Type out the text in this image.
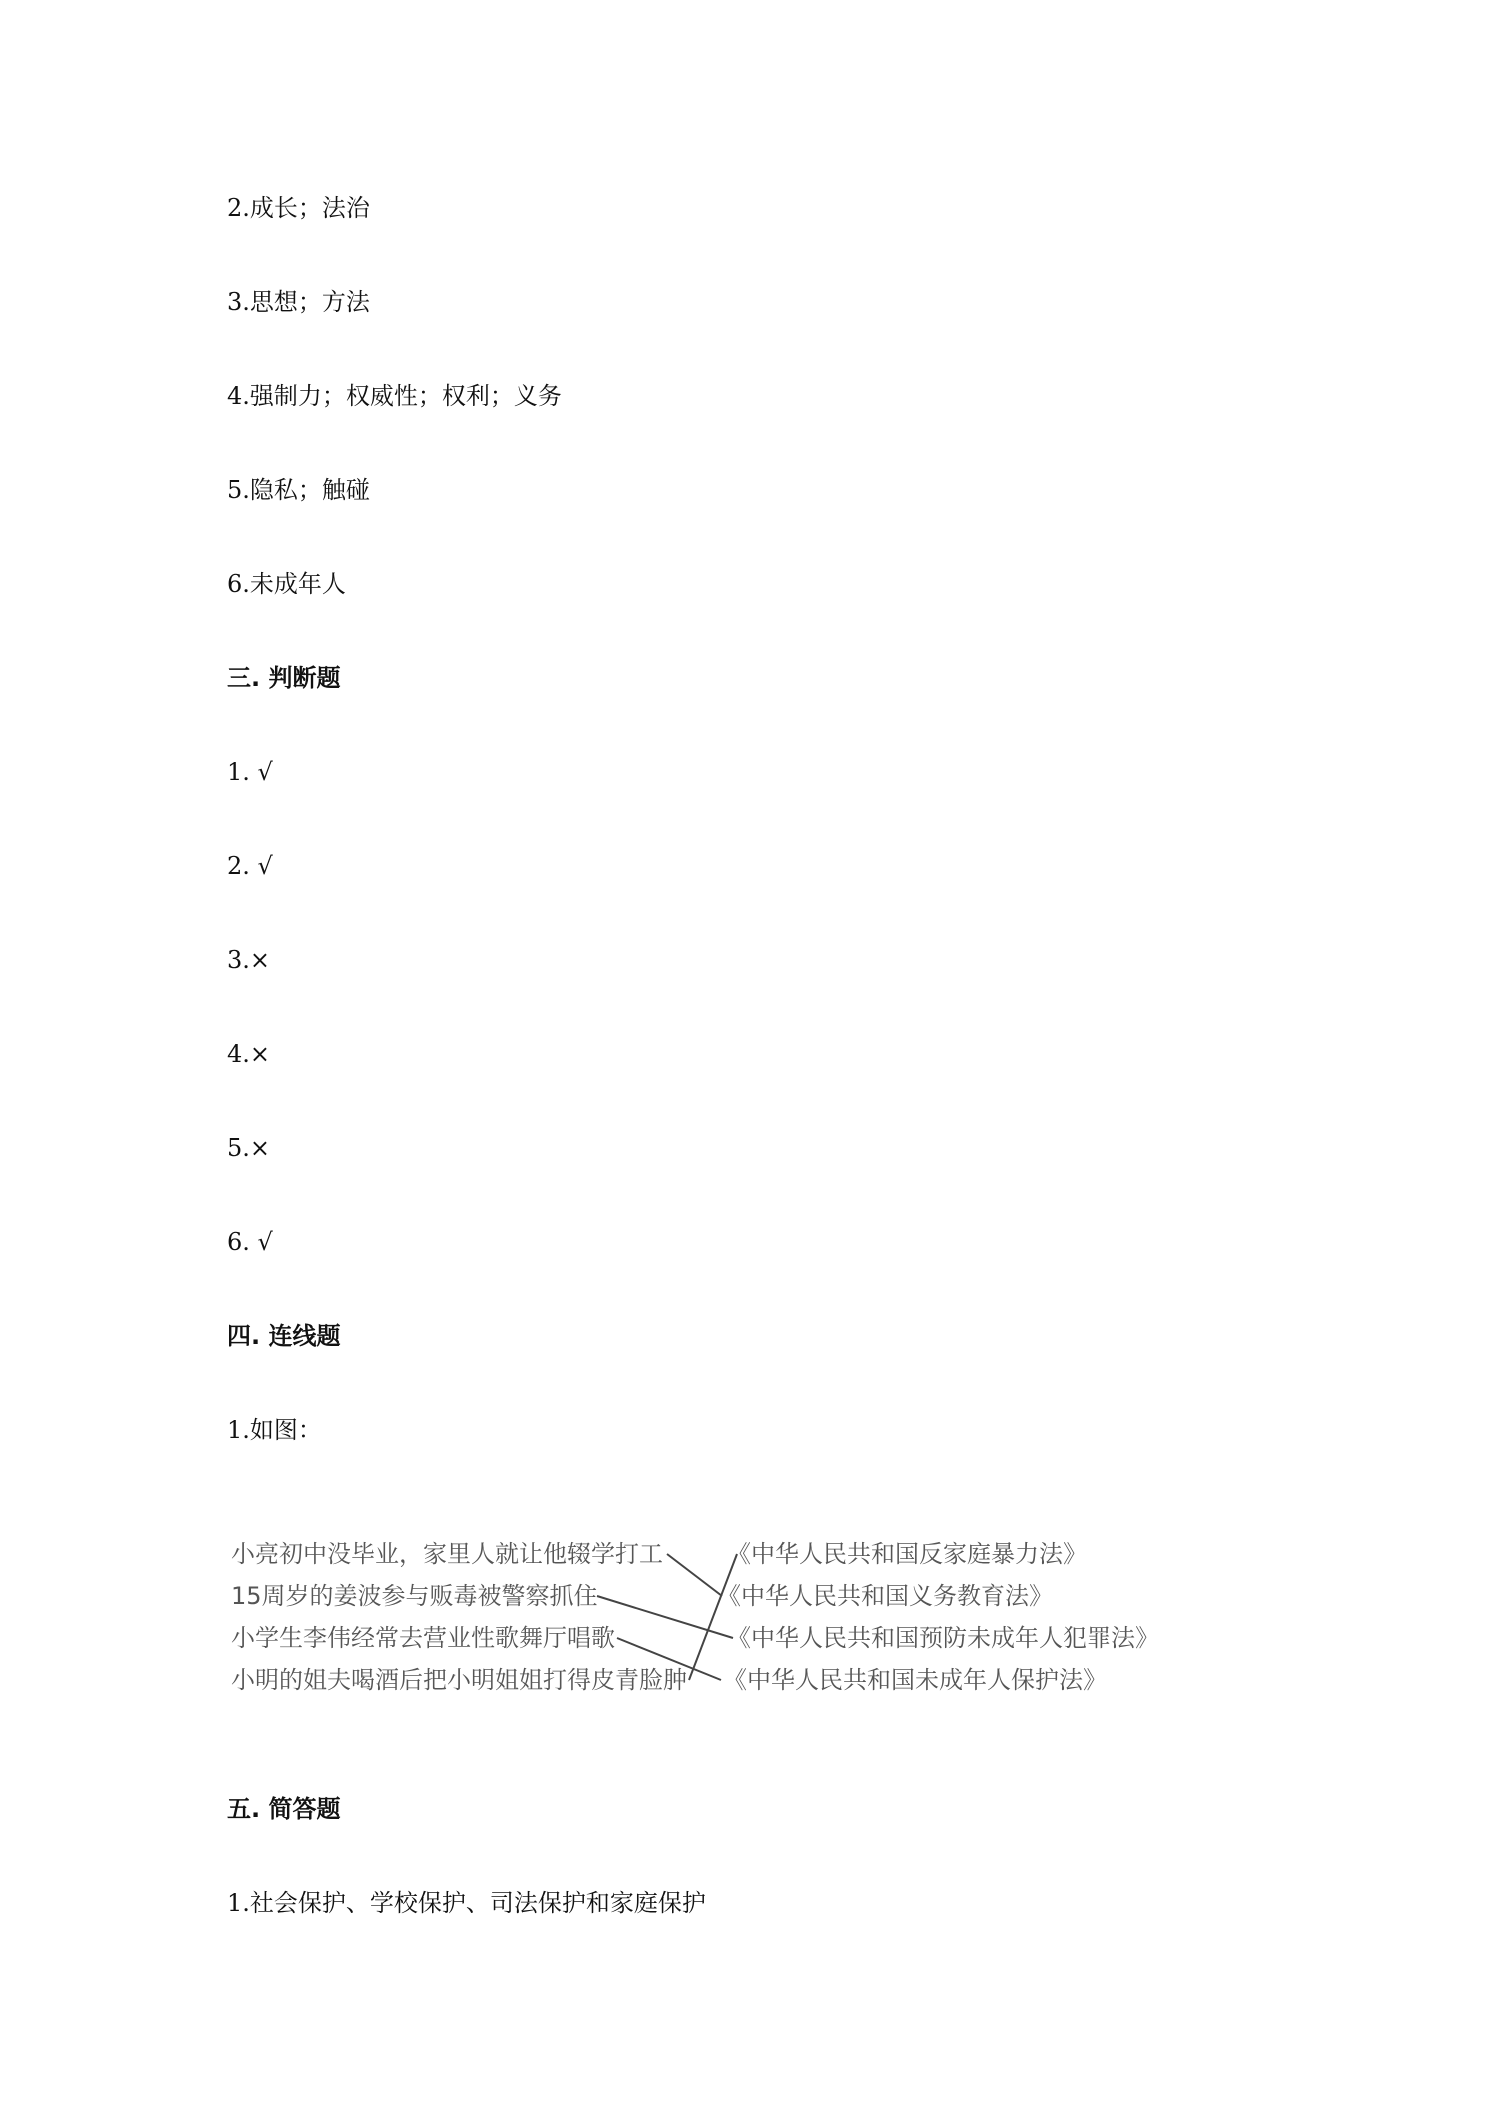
2.成长；法治
3.思想；方法
4.强制力；权威性；权利；义务
5.隐私；触碰
6.未成年人
三. 判断题
1. √
2. √
3.×
4.×
5.×
6. √
四. 连线题
1.如图：
小亮初中没毕业，家里人就让他辍学打工
15周岁的姜波参与贩毒被警察抓住
小学生李伟经常去营业性歌舞厅唱歌
小明的姐夫喝酒后把小明姐姐打得皮青脸肿
《中华人民共和国反家庭暴力法》
《中华人民共和国义务教育法》
《中华人民共和国预防未成年人犯罪法》
《中华人民共和国未成年人保护法》
五. 简答题
1.社会保护、学校保护、司法保护和家庭保护
